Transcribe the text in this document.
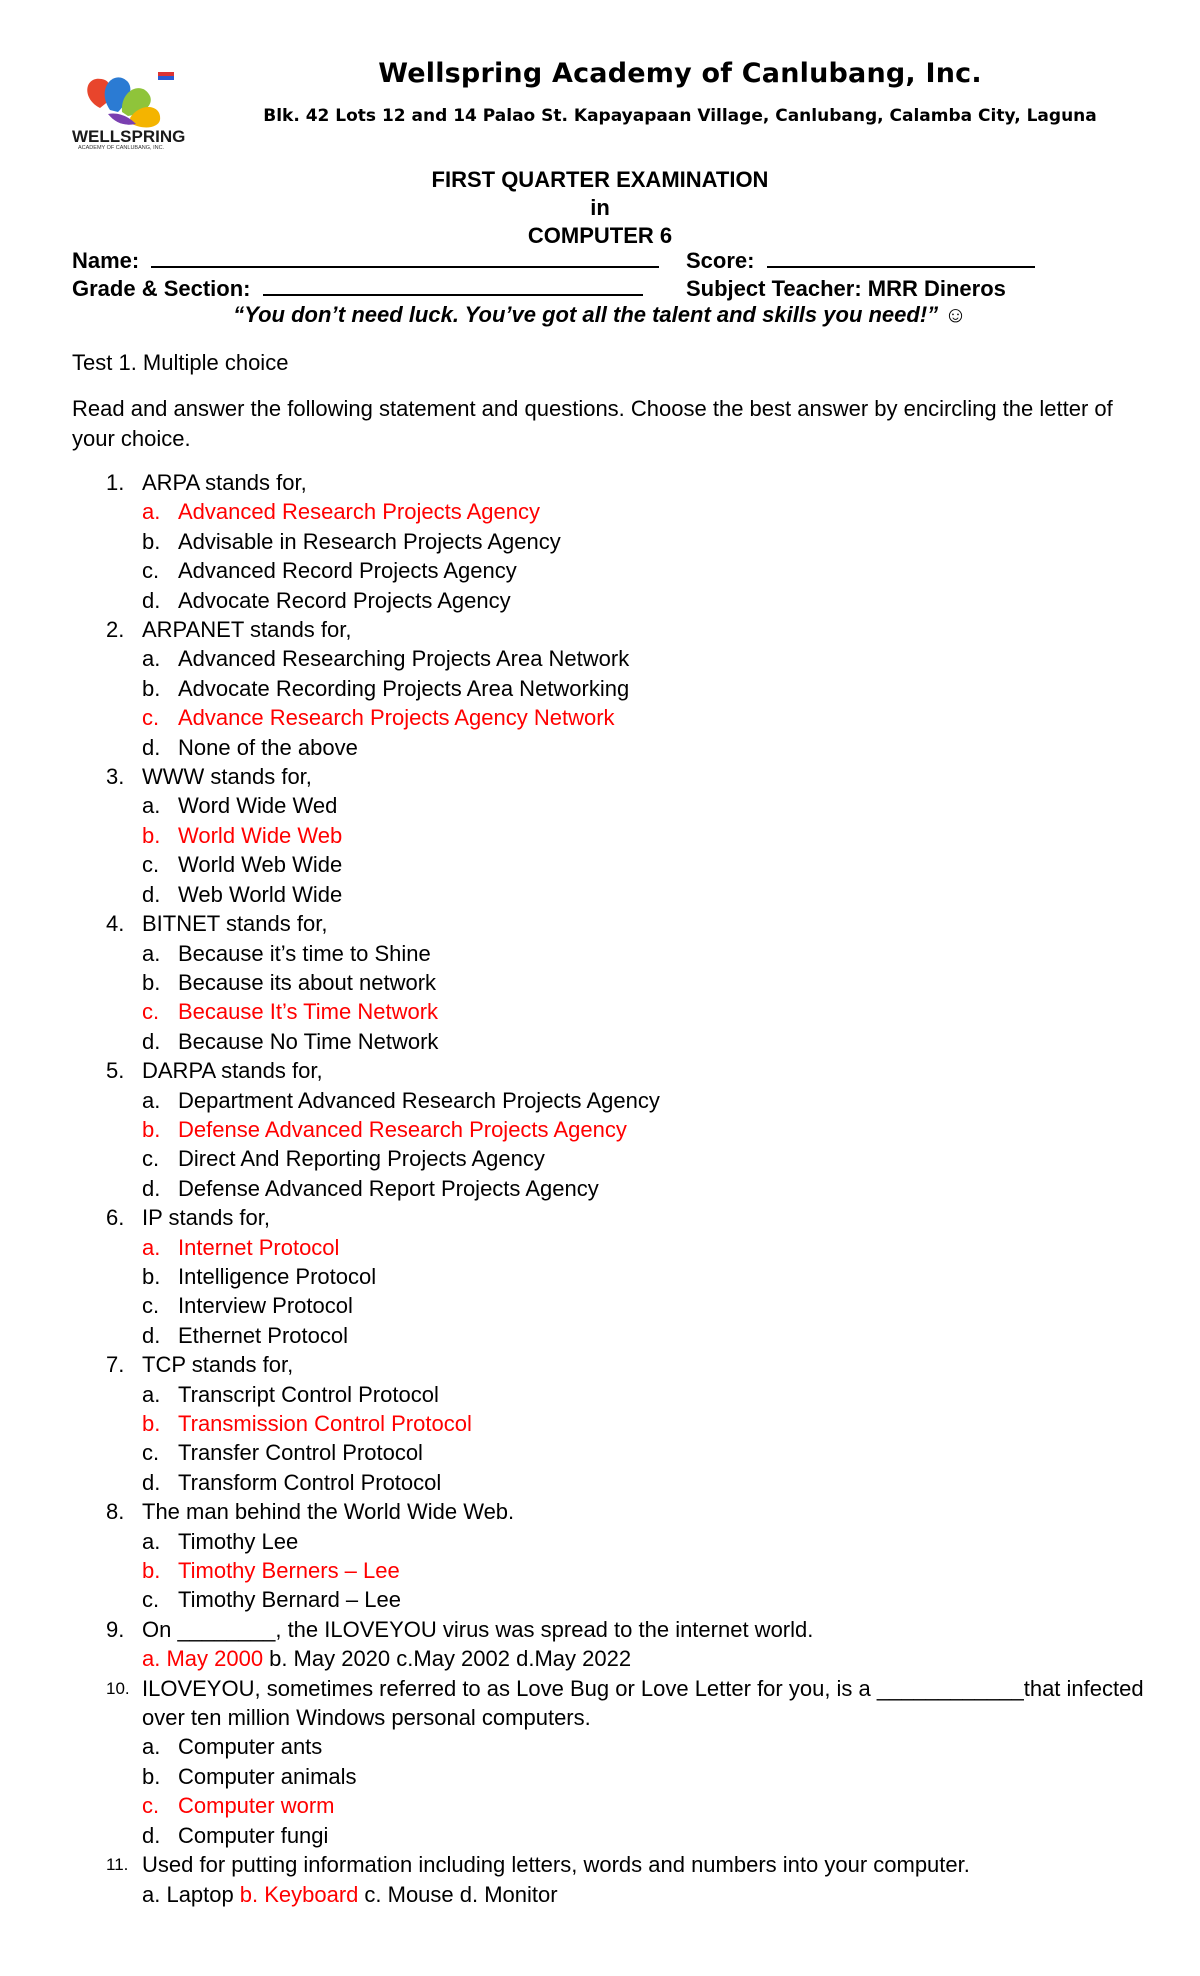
WELLSPRING
ACADEMY OF CANLUBANG, INC.
Wellspring Academy of Canlubang, Inc.
Blk. 42 Lots 12 and 14 Palao St. Kapayapaan Village, Canlubang, Calamba City, Laguna
FIRST QUARTER EXAMINATION
in
COMPUTER 6
Name:	Score:
Grade & Section:	Subject Teacher: MRR Dineros
“You don’t need luck. You’ve got all the talent and skills you need!” ☺
Test 1. Multiple choice
Read and answer the following statement and questions. Choose the best answer by encircling the letter of your choice.
1. ARPA stands for,
a. Advanced Research Projects Agency
b. Advisable in Research Projects Agency
c. Advanced Record Projects Agency
d. Advocate Record Projects Agency
2. ARPANET stands for,
a. Advanced Researching Projects Area Network
b. Advocate Recording Projects Area Networking
c. Advance Research Projects Agency Network
d. None of the above
3. WWW stands for,
a. Word Wide Wed
b. World Wide Web
c. World Web Wide
d. Web World Wide
4. BITNET stands for,
a. Because it’s time to Shine
b. Because its about network
c. Because It’s Time Network
d. Because No Time Network
5. DARPA stands for,
a. Department Advanced Research Projects Agency
b. Defense Advanced Research Projects Agency
c. Direct And Reporting Projects Agency
d. Defense Advanced Report Projects Agency
6. IP stands for,
a. Internet Protocol
b. Intelligence Protocol
c. Interview Protocol
d. Ethernet Protocol
7. TCP stands for,
a. Transcript Control Protocol
b. Transmission Control Protocol
c. Transfer Control Protocol
d. Transform Control Protocol
8. The man behind the World Wide Web.
a. Timothy Lee
b. Timothy Berners – Lee
c. Timothy Bernard – Lee
9. On ________, the ILOVEYOU virus was spread to the internet world.
a. May 2000 b. May 2020 c.May 2002 d.May 2022
10. ILOVEYOU, sometimes referred to as Love Bug or Love Letter for you, is a ____________that infected over ten million Windows personal computers.
a. Computer ants
b. Computer animals
c. Computer worm
d. Computer fungi
11. Used for putting information including letters, words and numbers into your computer.
a. Laptop b. Keyboard c. Mouse d. Monitor
